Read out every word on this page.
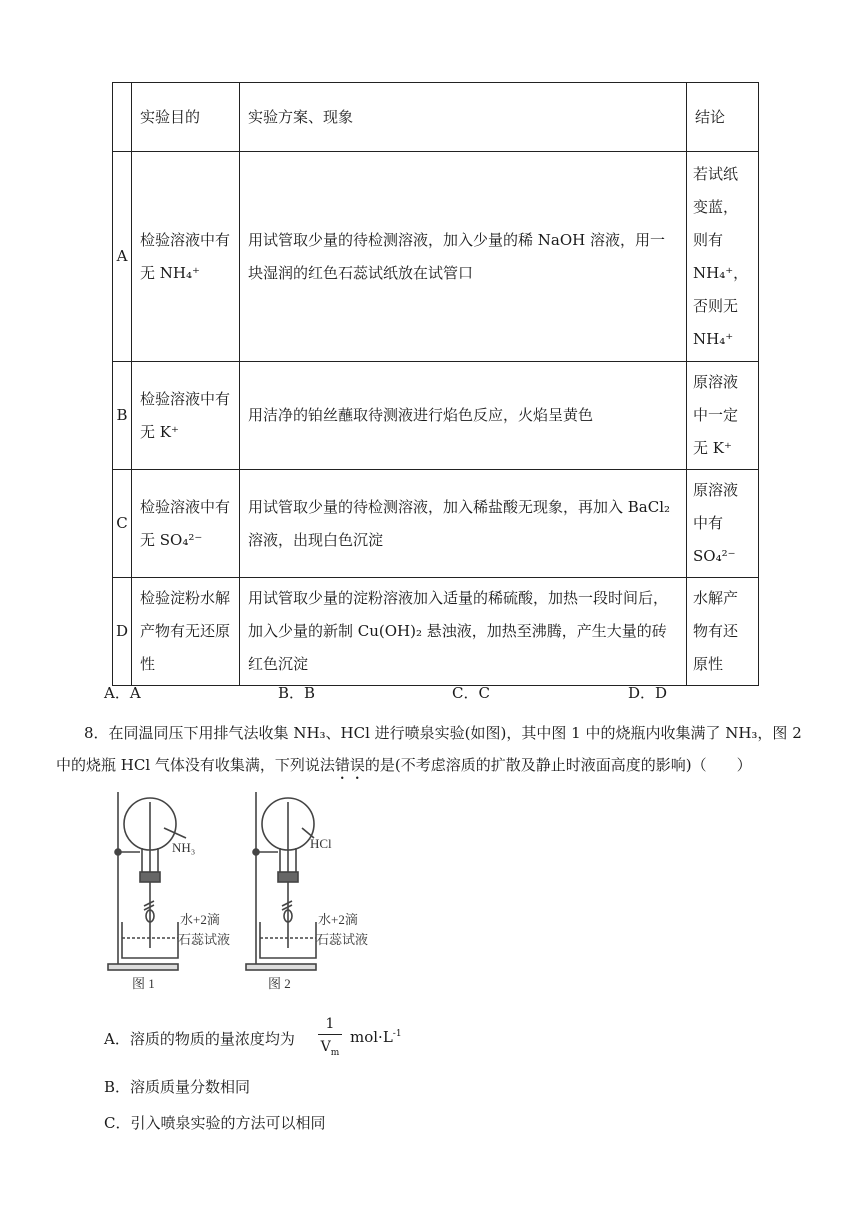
	实验目的	实验方案、现象	结论
A	检验溶液中有无 NH₄⁺	用试管取少量的待检测溶液，加入少量的稀 NaOH 溶液，用一块湿润的红色石蕊试纸放在试管口	若试纸变蓝，则有NH₄⁺，否则无NH₄⁺
B	检验溶液中有无 K⁺	用洁净的铂丝蘸取待测液进行焰色反应，火焰呈黄色	原溶液中一定无 K⁺
C	检验溶液中有无 SO₄²⁻	用试管取少量的待检测溶液，加入稀盐酸无现象，再加入 BaCl₂ 溶液，出现白色沉淀	原溶液中有SO₄²⁻
D	检验淀粉水解产物有无还原性	用试管取少量的淀粉溶液加入适量的稀硫酸，加热一段时间后，加入少量的新制 Cu(OH)₂ 悬浊液，加热至沸腾，产生大量的砖红色沉淀	水解产物有还原性
A．A	B．B	C．C	D．D
8．在同温同压下用排气法收集 NH₃、HCl 进行喷泉实验(如图)，其中图 1 中的烧瓶内收集满了 NH₃，图 2
中的烧瓶 HCl 气体没有收集满，下列说法错误的是(不考虑溶质的扩散及静止时液面高度的影响)（　　）
NH₃	HCl
水+2滴
石蕊试液
水+2滴
石蕊试液
图 1	图 2
A．溶质的物质的量浓度均为
1
$V_m$
$mol\cdot L^{-1}$
B．溶质质量分数相同
C．引入喷泉实验的方法可以相同
